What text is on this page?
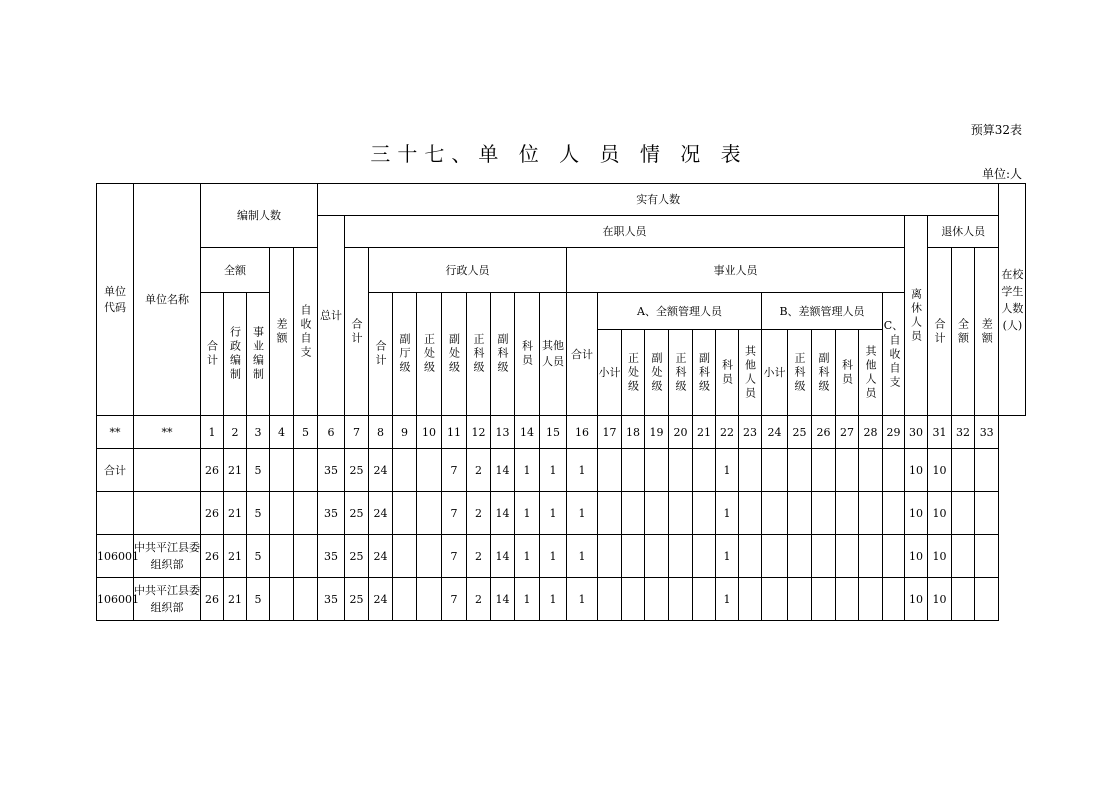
预算32表
三十七、单 位 人 员 情 况 表
单位:人
单位代码	单位名称	编制人数					实有人数																												在校学生人数(人)
							总计	在职人员																							离休人员	退休人员			
		全额			差额	自收自支		合计	行政人员								事业人员															合计	全额	差额	
		合计	行政编制	事业编制					合计	副厅级	正处级	副处级	正科级	副科级	科员	其他人员	合计	A、全额管理人员							B、差额管理人员					C、
自收自支					

																		小计	正处级	副处级	正科级	副科级	科员	其他人员	小计	正科级	副科级	科员	其他人员						
**	**	1	2	3	4	5	6	7	8	9	10	11	12	13	14	15	16	17	18	19	20	21	22	23	24	25	26	27	28	29	30	31	32	33	
合计		26	21	5			35	25	24			7	2	14	1	1	1						1								10	10			
		26	21	5			35	25	24			7	2	14	1	1	1						1								10	10			
106001	中共平江县委组织部	26	21	5			35	25	24			7	2	14	1	1	1						1								10	10			
106001	中共平江县委组织部	26	21	5			35	25	24			7	2	14	1	1	1						1								10	10			
